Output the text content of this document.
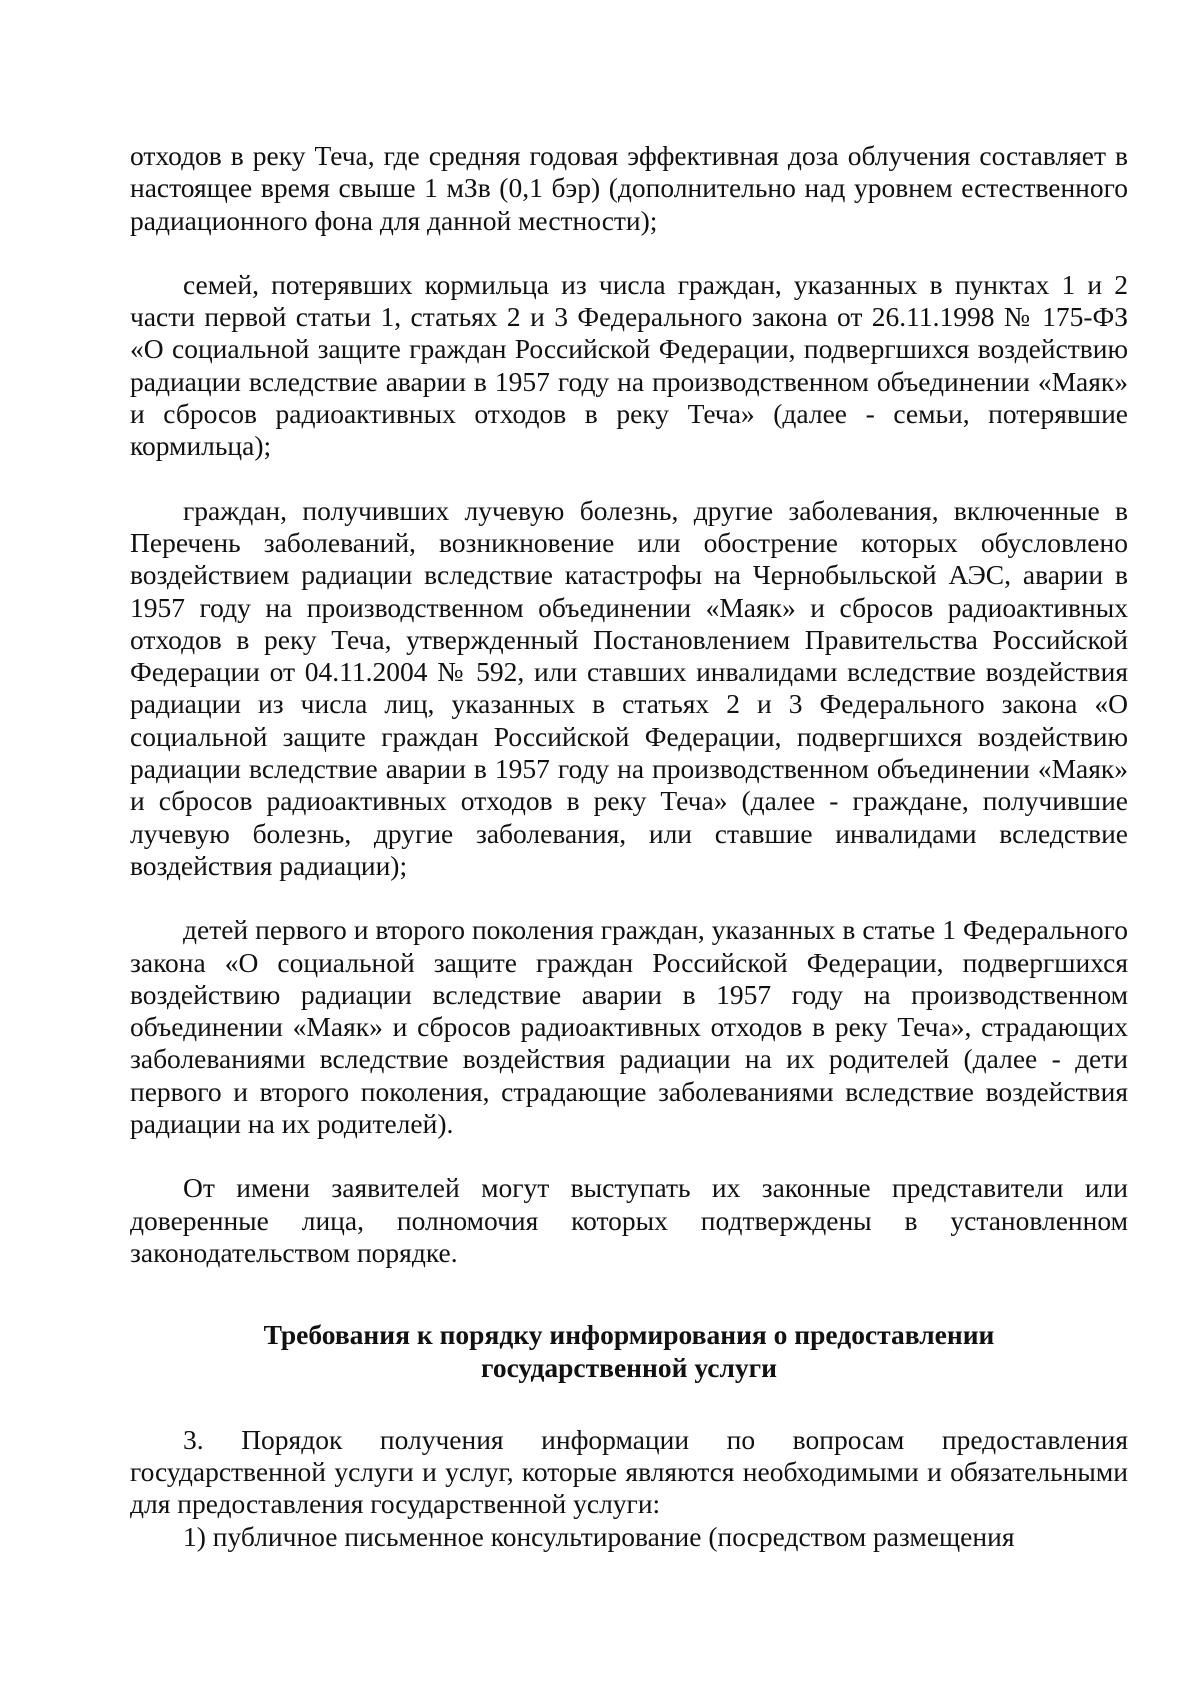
отходов в реку Теча, где средняя годовая эффективная доза облучения составляет в настоящее время свыше 1 мЗв (0,1 бэр) (дополнительно над уровнем естественного радиационного фона для данной местности);

семей, потерявших кормильца из числа граждан, указанных в пунктах 1 и 2 части первой статьи 1, статьях 2 и 3 Федерального закона от 26.11.1998 № 175-ФЗ «О социальной защите граждан Российской Федерации, подвергшихся воздействию радиации вследствие аварии в 1957 году на производственном объединении «Маяк» и сбросов радиоактивных отходов в реку Теча» (далее - семьи, потерявшие кормильца);

граждан, получивших лучевую болезнь, другие заболевания, включенные в Перечень заболеваний, возникновение или обострение которых обусловлено воздействием радиации вследствие катастрофы на Чернобыльской АЭС, аварии в 1957 году на производственном объединении «Маяк» и сбросов радиоактивных отходов в реку Теча, утвержденный Постановлением Правительства Российской Федерации от 04.11.2004 № 592, или ставших инвалидами вследствие воздействия радиации из числа лиц, указанных в статьях 2 и 3 Федерального закона «О социальной защите граждан Российской Федерации, подвергшихся воздействию радиации вследствие аварии в 1957 году на производственном объединении «Маяк» и сбросов радиоактивных отходов в реку Теча» (далее - граждане, получившие лучевую болезнь, другие заболевания, или ставшие инвалидами вследствие воздействия радиации);

детей первого и второго поколения граждан, указанных в статье 1 Федерального закона «О социальной защите граждан Российской Федерации, подвергшихся воздействию радиации вследствие аварии в 1957 году на производственном объединении «Маяк» и сбросов радиоактивных отходов в реку Теча», страдающих заболеваниями вследствие воздействия радиации на их родителей (далее - дети первого и второго поколения, страдающие заболеваниями вследствие воздействия радиации на их родителей).

От имени заявителей могут выступать их законные представители или доверенные лица, полномочия которых подтверждены в установленном законодательством порядке.

Требования к порядку информирования о предоставлении
государственной услуги

3. Порядок получения информации по вопросам предоставления государственной услуги и услуг, которые являются необходимыми и обязательными для предоставления государственной услуги:

1) публичное письменное консультирование (посредством размещения
